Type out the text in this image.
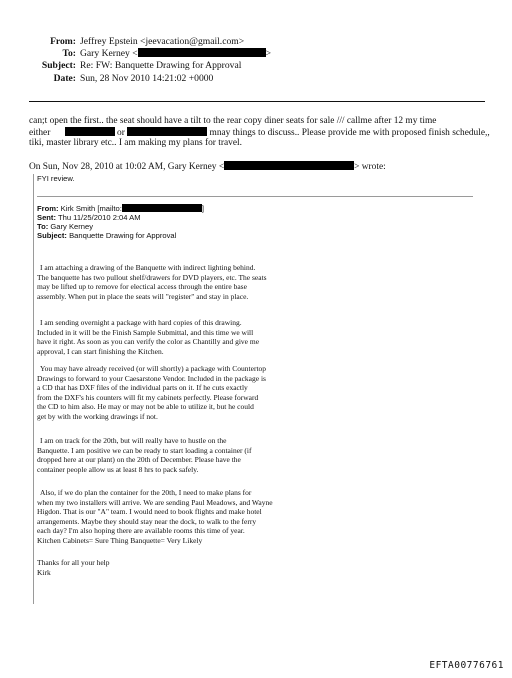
From: Jeffrey Epstein <jeevacation@gmail.com>
To: Gary Kerney <	>
Subject: Re: FW: Banquette Drawing for Approval
Date: Sun, 28 Nov 2010 14:21:02 +0000
can;t open the first.. the seat should have a tilt to the rear copy diner seats for sale /// callme after 12 my time
either	or	mnay things to discuss.. Please provide me with proposed finish schedule,,
tiki, master library etc.. I am making my plans for travel.
On Sun, Nov 28, 2010 at 10:02 AM, Gary Kerney <	> wrote:
FYI review.
From: Kirk Smith [mailto:	]
Sent: Thu 11/25/2010 2:04 AM
To: Gary Kerney
Subject: Banquette Drawing for Approval
I am attaching a drawing of the Banquette with indirect lighting behind.
The banquette has two pullout shelf/drawers for DVD players, etc. The seats
may be lifted up to remove for electical access through the entire base
assembly. When put in place the seats will "register" and stay in place.
I am sending overnight a package with hard copies of this drawing.
Included in it will be the Finish Sample Submittal, and this time we will
have it right. As soon as you can verify the color as Chantilly and give me
approval, I can start finishing the Kitchen.
You may have already received (or will shortly) a package with Countertop
Drawings to forward to your Caesarstone Vendor. Included in the package is
a CD that has DXF files of the individual parts on it. If he cuts exactly
from the DXF's his counters will fit my cabinets perfectly. Please forward
the CD to him also. He may or may not be able to utilize it, but he could
get by with the working drawings if not.
I am on track for the 20th, but will really have to hustle on the
Banquette. I am positive we can be ready to start loading a container (if
dropped here at our plant) on the 20th of December. Please have the
container people allow us at least 8 hrs to pack safely.
Also, if we do plan the container for the 20th, I need to make plans for
when my two installers will arrive. We are sending Paul Meadows, and Wayne
Higdon. That is our "A" team. I would need to book flights and make hotel
arrangements. Maybe they should stay near the dock, to walk to the ferry
each day? I'm also hoping there are available rooms this time of year.
Kitchen Cabinets= Sure Thing Banquette= Very Likely
Thanks for all your help
Kirk
EFTA00776761
